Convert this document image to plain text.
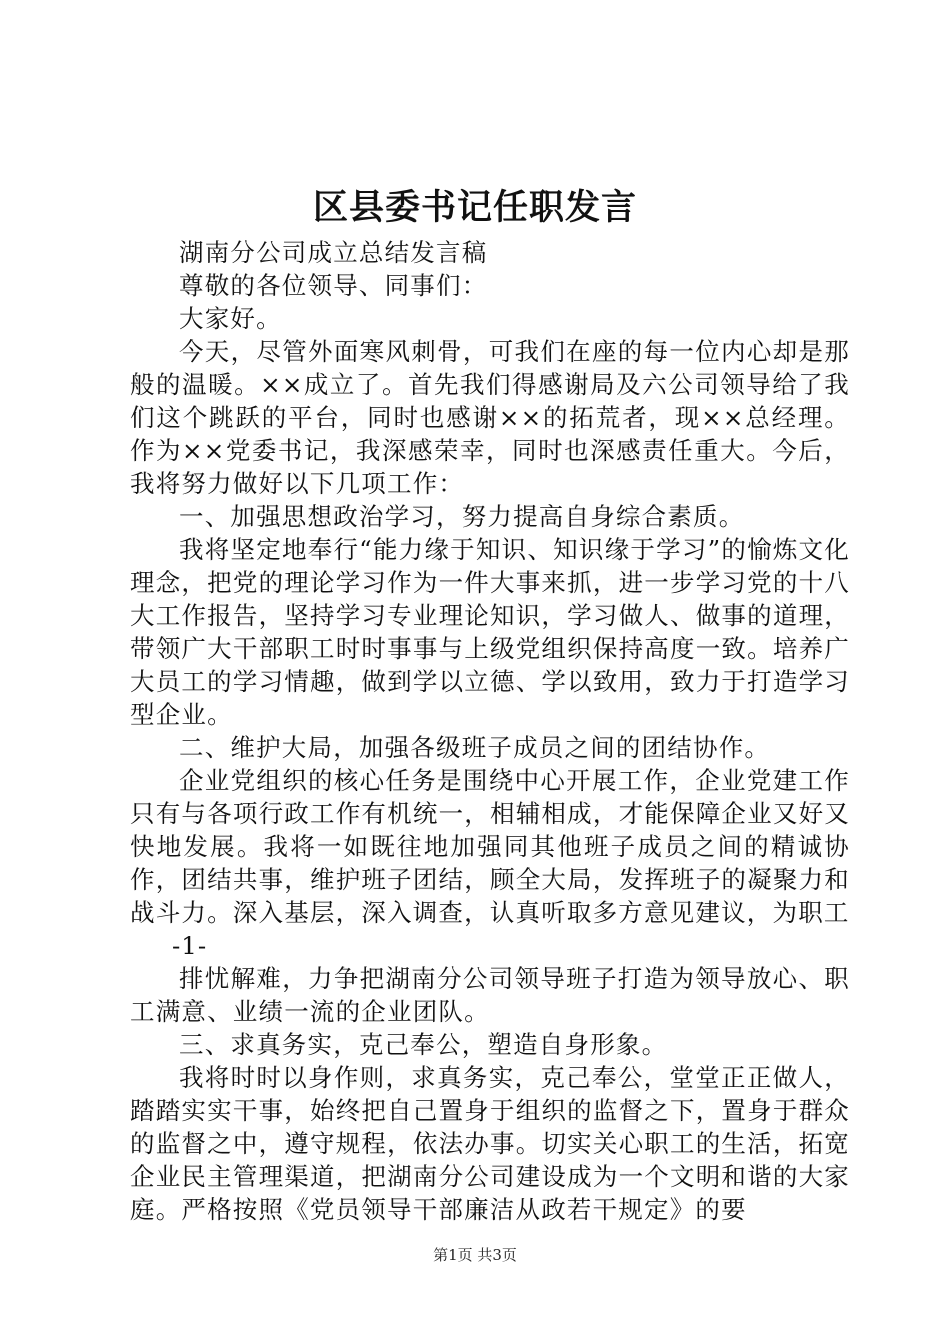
区县委书记任职发言

湖南分公司成立总结发言稿

尊敬的各位领导、同事们：

大家好。

今天，尽管外面寒风刺骨，可我们在座的每一位内心却是那般的温暖。××成立了。首先我们得感谢局及六公司领导给了我们这个跳跃的平台，同时也感谢××的拓荒者，现××总经理。作为××党委书记，我深感荣幸，同时也深感责任重大。今后，我将努力做好以下几项工作：

一、加强思想政治学习，努力提高自身综合素质。

我将坚定地奉行“能力缘于知识、知识缘于学习”的愉炼文化理念，把党的理论学习作为一件大事来抓，进一步学习党的十八大工作报告，坚持学习专业理论知识，学习做人、做事的道理，带领广大干部职工时时事事与上级党组织保持高度一致。培养广大员工的学习情趣，做到学以立德、学以致用，致力于打造学习型企业。

二、维护大局，加强各级班子成员之间的团结协作。

企业党组织的核心任务是围绕中心开展工作，企业党建工作只有与各项行政工作有机统一，相辅相成，才能保障企业又好又快地发展。我将一如既往地加强同其他班子成员之间的精诚协作，团结共事，维护班子团结，顾全大局，发挥班子的凝聚力和战斗力。深入基层，深入调查，认真听取多方意见建议，为职工

-1-

排忧解难，力争把湖南分公司领导班子打造为领导放心、职工满意、业绩一流的企业团队。

三、求真务实，克己奉公，塑造自身形象。

我将时时以身作则，求真务实，克己奉公，堂堂正正做人，踏踏实实干事，始终把自己置身于组织的监督之下，置身于群众的监督之中，遵守规程，依法办事。切实关心职工的生活，拓宽企业民主管理渠道，把湖南分公司建设成为一个文明和谐的大家庭。严格按照《党员领导干部廉洁从政若干规定》的要

第1页 共3页
